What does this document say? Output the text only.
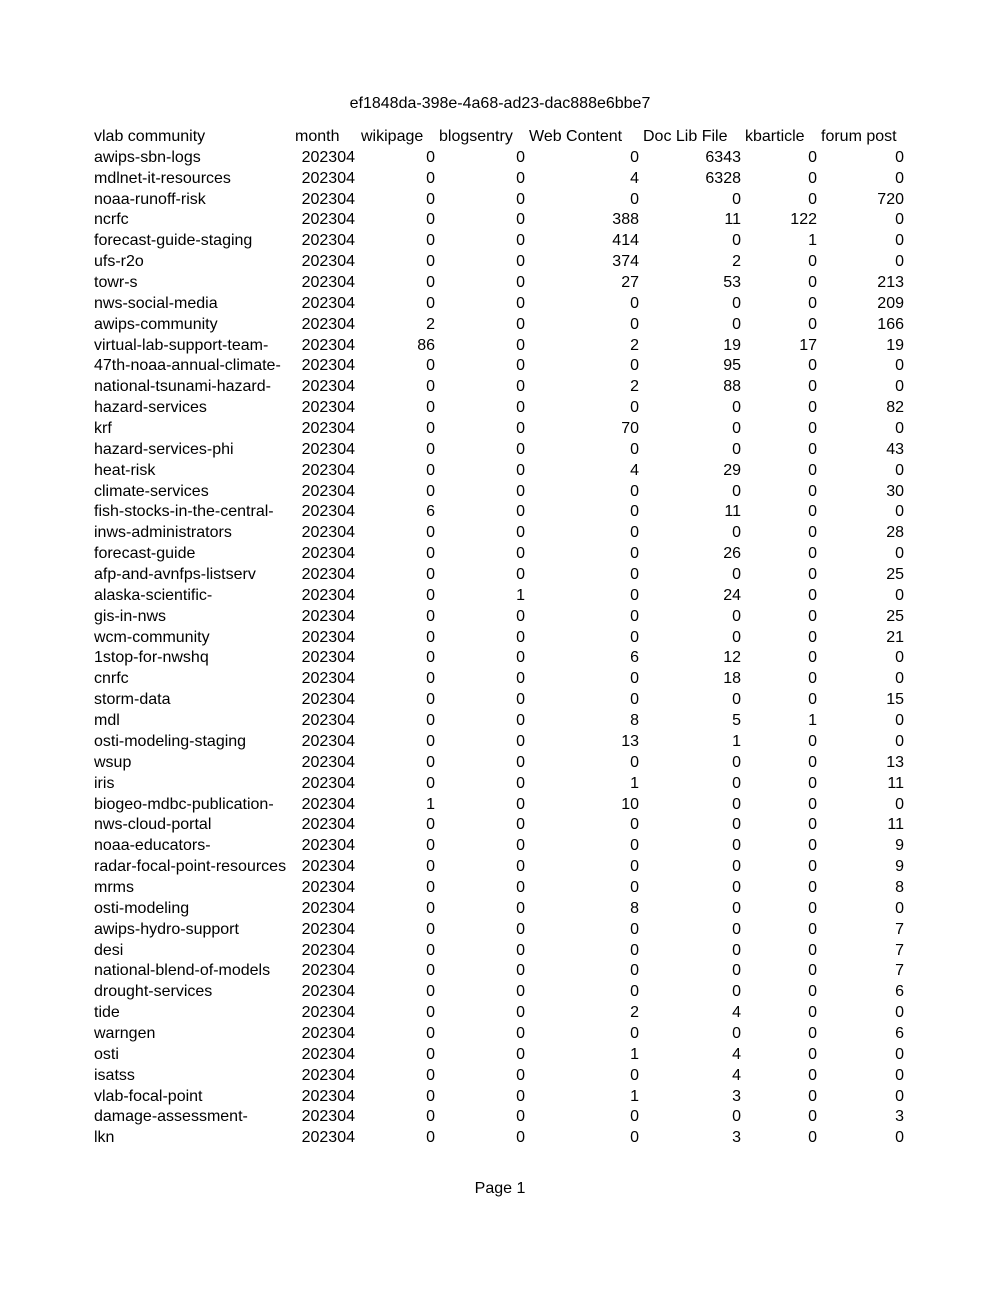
ef1848da-398e-4a68-ad23-dac888e6bbe7
vlab community	month	wikipage	blogsentry	Web Content	Doc Lib File	kbarticle	forum post
awips-sbn-logs	202304	0	0	0	6343	0	0
mdlnet-it-resources	202304	0	0	4	6328	0	0
noaa-runoff-risk	202304	0	0	0	0	0	720
ncrfc	202304	0	0	388	11	122	0
forecast-guide-staging	202304	0	0	414	0	1	0
ufs-r2o	202304	0	0	374	2	0	0
towr-s	202304	0	0	27	53	0	213
nws-social-media	202304	0	0	0	0	0	209
awips-community	202304	2	0	0	0	0	166
virtual-lab-support-team-	202304	86	0	2	19	17	19
47th-noaa-annual-climate-	202304	0	0	0	95	0	0
national-tsunami-hazard-	202304	0	0	2	88	0	0
hazard-services	202304	0	0	0	0	0	82
krf	202304	0	0	70	0	0	0
hazard-services-phi	202304	0	0	0	0	0	43
heat-risk	202304	0	0	4	29	0	0
climate-services	202304	0	0	0	0	0	30
fish-stocks-in-the-central-	202304	6	0	0	11	0	0
inws-administrators	202304	0	0	0	0	0	28
forecast-guide	202304	0	0	0	26	0	0
afp-and-avnfps-listserv	202304	0	0	0	0	0	25
alaska-scientific-	202304	0	1	0	24	0	0
gis-in-nws	202304	0	0	0	0	0	25
wcm-community	202304	0	0	0	0	0	21
1stop-for-nwshq	202304	0	0	6	12	0	0
cnrfc	202304	0	0	0	18	0	0
storm-data	202304	0	0	0	0	0	15
mdl	202304	0	0	8	5	1	0
osti-modeling-staging	202304	0	0	13	1	0	0
wsup	202304	0	0	0	0	0	13
iris	202304	0	0	1	0	0	11
biogeo-mdbc-publication-	202304	1	0	10	0	0	0
nws-cloud-portal	202304	0	0	0	0	0	11
noaa-educators-	202304	0	0	0	0	0	9
radar-focal-point-resources	202304	0	0	0	0	0	9
mrms	202304	0	0	0	0	0	8
osti-modeling	202304	0	0	8	0	0	0
awips-hydro-support	202304	0	0	0	0	0	7
desi	202304	0	0	0	0	0	7
national-blend-of-models	202304	0	0	0	0	0	7
drought-services	202304	0	0	0	0	0	6
tide	202304	0	0	2	4	0	0
warngen	202304	0	0	0	0	0	6
osti	202304	0	0	1	4	0	0
isatss	202304	0	0	0	4	0	0
vlab-focal-point	202304	0	0	1	3	0	0
damage-assessment-	202304	0	0	0	0	0	3
lkn	202304	0	0	0	3	0	0
Page 1
